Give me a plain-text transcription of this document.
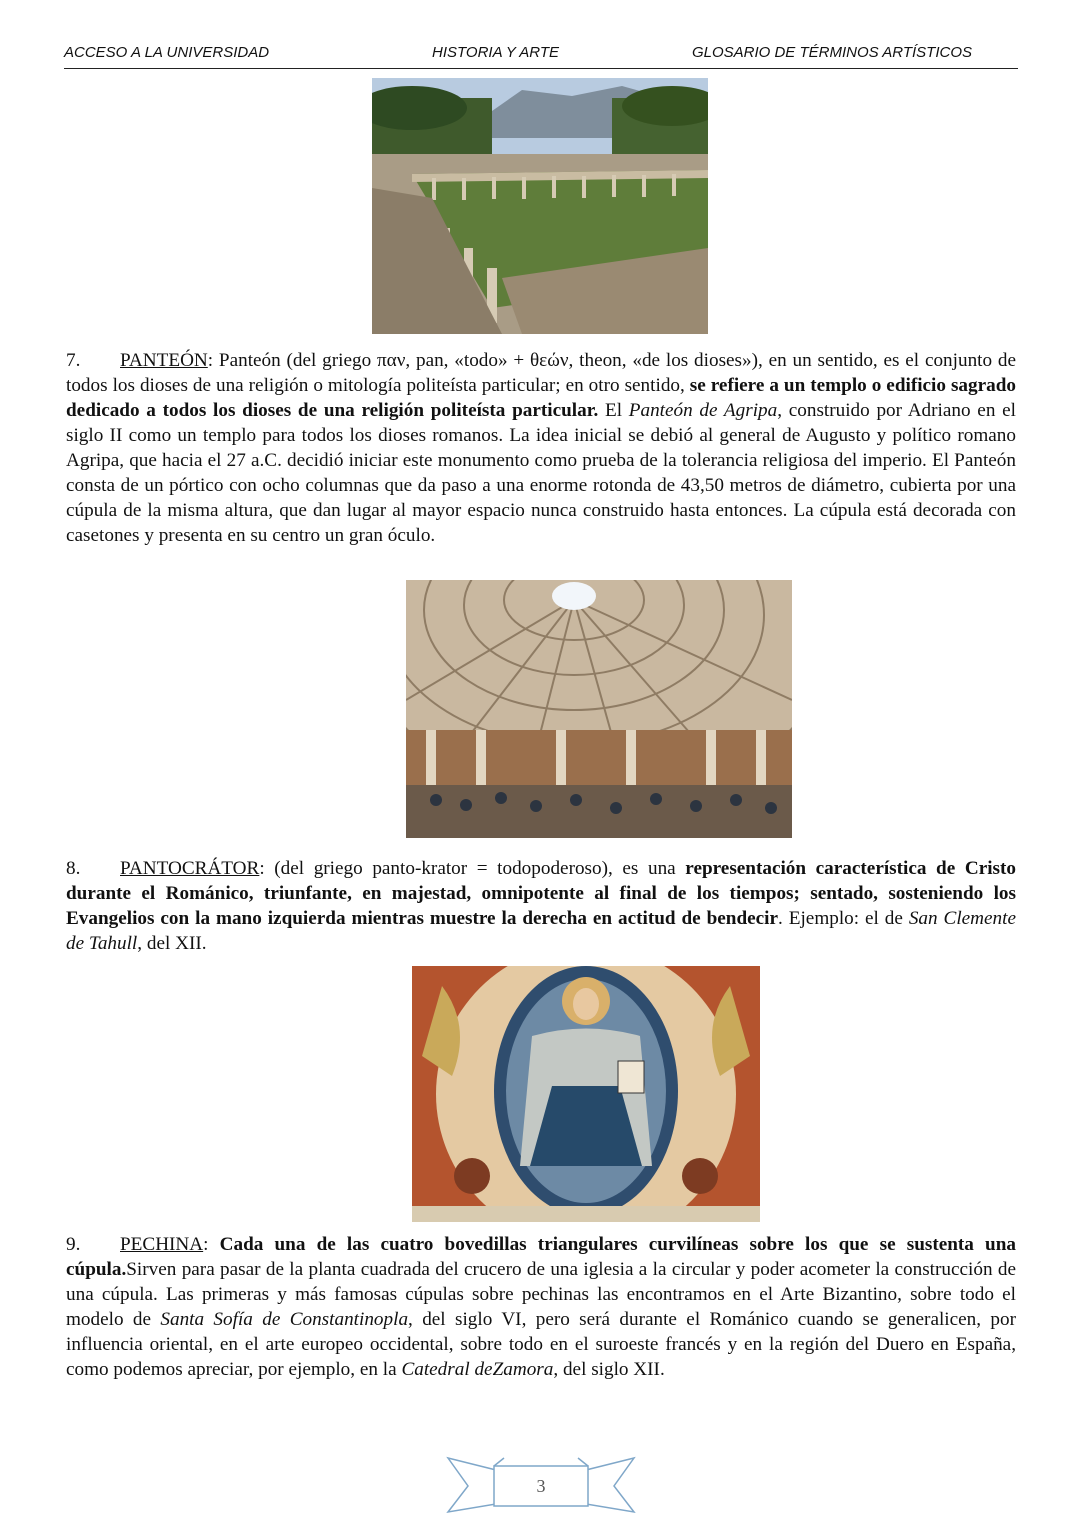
ACCESO A LA UNIVERSIDAD	HISTORIA Y ARTE	GLOSARIO DE TÉRMINOS ARTÍSTICOS

7. PANTEÓN: Panteón (del griego παν, pan, «todo» + θεών, theon, «de los dioses»), en un sentido, es el conjunto de todos los dioses de una religión o mitología politeísta particular; en otro sentido, se refiere a un templo o edificio sagrado dedicado a todos los dioses de una religión politeísta particular. El Panteón de Agripa, construido por Adriano en el siglo II como un templo para todos los dioses romanos. La idea inicial se debió al general de Augusto y político romano Agripa, que hacia el 27 a.C. decidió iniciar este monumento como prueba de la tolerancia religiosa del imperio. El Panteón consta de un pórtico con ocho columnas que da paso a una enorme rotonda de 43,50 metros de diámetro, cubierta por una cúpula de la misma altura, que dan lugar al mayor espacio nunca construido hasta entonces. La cúpula está decorada con casetones y presenta en su centro un gran óculo.

8. PANTOCRÁTOR: (del griego panto-krator = todopoderoso), es una representación característica de Cristo durante el Románico, triunfante, en majestad, omnipotente al final de los tiempos; sentado, sosteniendo los Evangelios con la mano izquierda mientras muestre la derecha en actitud de bendecir. Ejemplo: el de San Clemente de Tahull, del XII.

9. PECHINA: Cada una de las cuatro bovedillas triangulares curvilíneas sobre los que se sustenta una cúpula.Sirven para pasar de la planta cuadrada del crucero de una iglesia a la circular y poder acometer la construcción de una cúpula. Las primeras y más famosas cúpulas sobre pechinas las encontramos en el Arte Bizantino, sobre todo el modelo de Santa Sofía de Constantinopla, del siglo VI, pero será durante el Románico cuando se generalicen, por influencia oriental, en el arte europeo occidental, sobre todo en el suroeste francés y en la región del Duero en España, como podemos apreciar, por ejemplo, en la Catedral deZamora, del siglo XII.

3
